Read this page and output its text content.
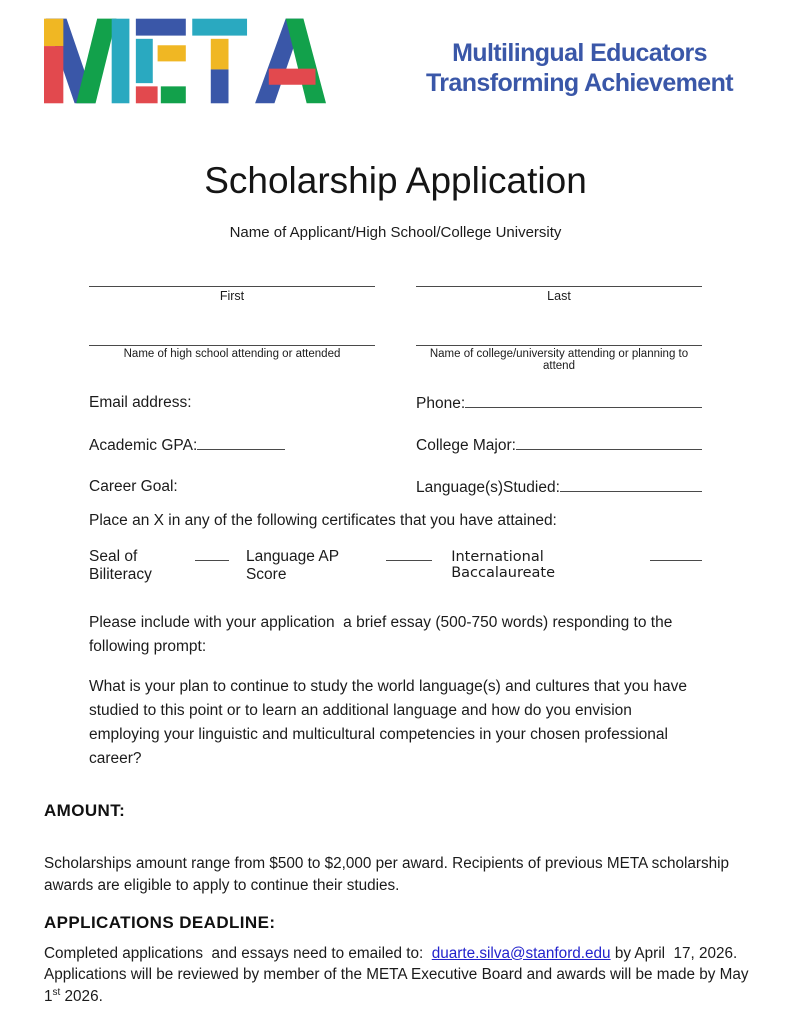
Multilingual Educators
Transforming Achievement
Scholarship Application
Name of Applicant/High School/College University
First	Last
Name of high school attending or attended	Name of college/university attending or planning to attend
Email address:	Phone:
Academic GPA:	College Major:
Career Goal:	Language(s)Studied:
Place an X in any of the following certificates that you have attained:
Seal of Biliteracy
Language AP Score
International Baccalaureate
Please include with your application  a brief essay (500-750 words) responding to the following prompt:
What is your plan to continue to study the world language(s) and cultures that you have studied to this point or to learn an additional language and how do you envision employing your linguistic and multicultural competencies in your chosen professional career?
AMOUNT:
Scholarships amount range from $500 to $2,000 per award. Recipients of previous META scholarship awards are eligible to apply to continue their studies.
APPLICATIONS DEADLINE:
Completed applications  and essays need to emailed to:  duarte.silva@stanford.edu by April  17, 2026. Applications will be reviewed by member of the META Executive Board and awards will be made by May 1st 2026.
